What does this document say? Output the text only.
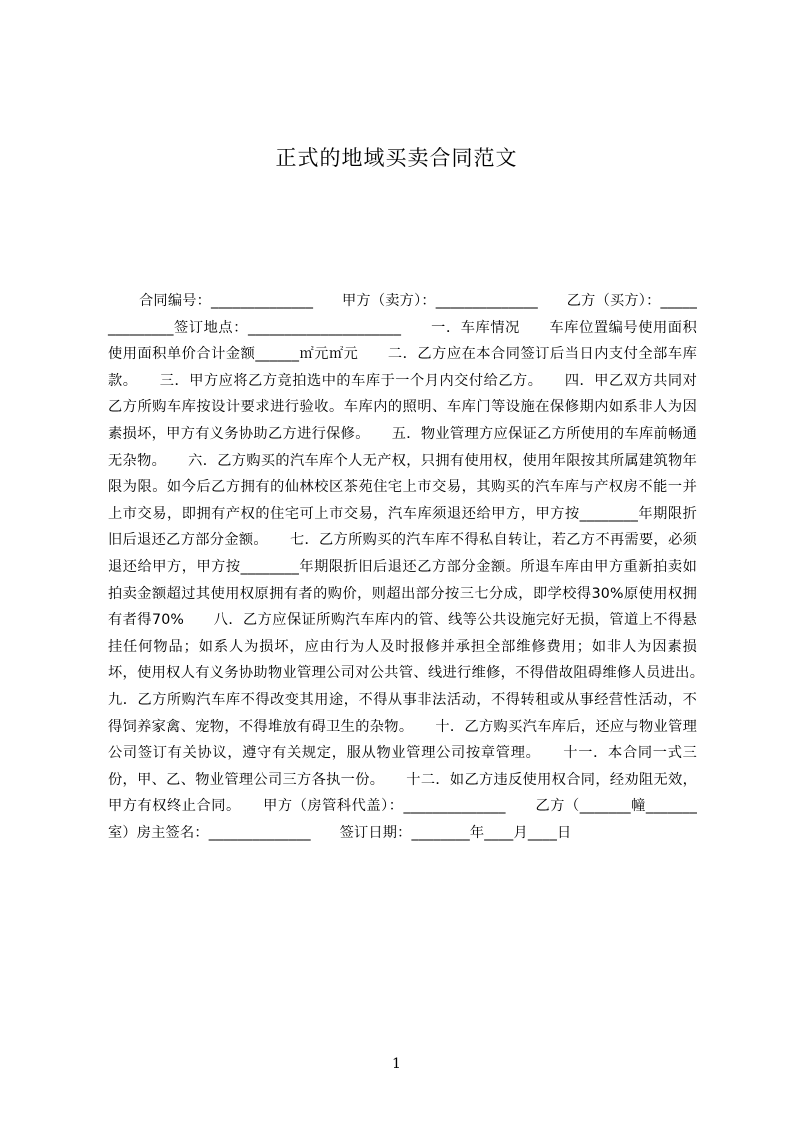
正式的地域买卖合同范文

合同编号：______________　　甲方（卖方）：______________　　乙方（买方）：______________签订地点：_____________________　　一．车库情况　　车库位置编号使用面积使用面积单价合计金额______㎡元㎡元　　二．乙方应在本合同签订后当日内支付全部车库款。　　三．甲方应将乙方竞拍选中的车库于一个月内交付给乙方。　　四．甲乙双方共同对乙方所购车库按设计要求进行验收。车库内的照明、车库门等设施在保修期内如系非人为因素损坏，甲方有义务协助乙方进行保修。　　五．物业管理方应保证乙方所使用的车库前畅通无杂物。　　六．乙方购买的汽车库个人无产权，只拥有使用权，使用年限按其所属建筑物年限为限。如今后乙方拥有的仙林校区茶苑住宅上市交易，其购买的汽车库与产权房不能一并上市交易，即拥有产权的住宅可上市交易，汽车库须退还给甲方，甲方按________年期限折旧后退还乙方部分金额。　　七．乙方所购买的汽车库不得私自转让，若乙方不再需要，必须退还给甲方，甲方按________年期限折旧后退还乙方部分金额。所退车库由甲方重新拍卖如拍卖金额超过其使用权原拥有者的购价，则超出部分按三七分成，即学校得30%原使用权拥有者得70%　　八．乙方应保证所购汽车库内的管、线等公共设施完好无损，管道上不得悬挂任何物品；如系人为损坏，应由行为人及时报修并承担全部维修费用；如非人为因素损坏，使用权人有义务协助物业管理公司对公共管、线进行维修，不得借故阻碍维修人员进出。　　九．乙方所购汽车库不得改变其用途，不得从事非法活动，不得转租或从事经营性活动，不得饲养家禽、宠物，不得堆放有碍卫生的杂物。　　十．乙方购买汽车库后，还应与物业管理公司签订有关协议，遵守有关规定，服从物业管理公司按章管理。　　十一．本合同一式三份，甲、乙、物业管理公司三方各执一份。　　十二．如乙方违反使用权合同，经劝阻无效，甲方有权终止合同。　　甲方（房管科代盖）：______________　　乙方（_______幢_______室）房主签名：______________　　签订日期：________年____月____日

1
